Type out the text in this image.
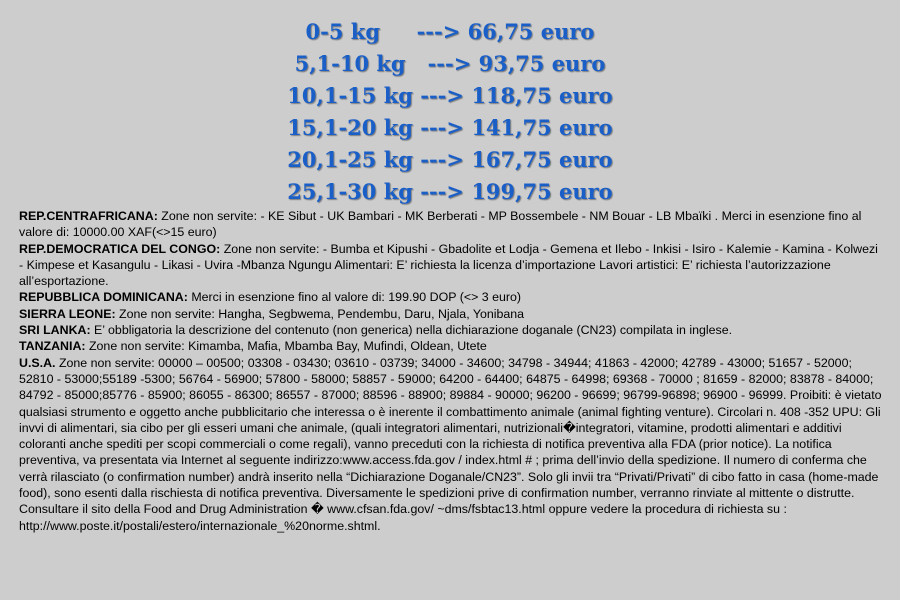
0-5 kg
--->
66,75 euro
5,1-10 kg
--->
93,75 euro
10,1-15 kg
--->
118,75 euro
15,1-20 kg
--->
141,75 euro
20,1-25 kg
--->
167,75 euro
25,1-30 kg
--->
199,75 euro

REP.CENTRAFRICANA: Zone non servite: - KE Sibut - UK Bambari - MK Berberati - MP Bossembele - NM Bouar - LB Mbaïki . Merci in esenzione fino al valore di: 10000.00 XAF(<>15 euro)

REP.DEMOCRATICA DEL CONGO: Zone non servite: - Bumba et Kipushi - Gbadolite et Lodja - Gemena et Ilebo - Inkisi - Isiro - Kalemie - Kamina - Kolwezi - Kimpese et Kasangulu - Likasi - Uvira -Mbanza Ngungu Alimentari: E’ richiesta la licenza d’importazione Lavori artistici: E’ richiesta l’autorizzazione all’esportazione.

REPUBBLICA DOMINICANA: Merci in esenzione fino al valore di: 199.90 DOP (<> 3 euro)

SIERRA LEONE: Zone non servite: Hangha, Segbwema, Pendembu, Daru, Njala, Yonibana

SRI LANKA: E’ obbligatoria la descrizione del contenuto (non generica) nella dichiarazione doganale (CN23) compilata in inglese.

TANZANIA: Zone non servite: Kimamba, Mafia, Mbamba Bay, Mufindi, Oldean, Utete

U.S.A. Zone non servite: 00000 – 00500; 03308 - 03430; 03610 - 03739; 34000 - 34600; 34798 - 34944; 41863 - 42000; 42789 - 43000; 51657 - 52000; 52810 - 53000;55189 -5300; 56764 - 56900; 57800 - 58000; 58857 - 59000; 64200 - 64400; 64875 - 64998; 69368 - 70000 ; 81659 - 82000; 83878 - 84000; 84792 - 85000;85776 - 85900; 86055 - 86300; 86557 - 87000; 88596 - 88900; 89884 - 90000; 96200 - 96699; 96799-96898; 96900 - 96999. Proibiti: è vietato qualsiasi strumento e oggetto anche pubblicitario che interessa o è inerente il combattimento animale (animal fighting venture). Circolari n. 408 -352 UPU: Gli invvi di alimentari, sia cibo per gli esseri umani che animale, (quali integratori alimentari, nutrizionali�integratori, vitamine, prodotti alimentari e additivi coloranti anche spediti per scopi commerciali o come regali), vanno preceduti con la richiesta di notifica preventiva alla FDA (prior notice). La notifica preventiva, va presentata via Internet al seguente indirizzo:www.access.fda.gov / index.html # ; prima dell’invio della spedizione. Il numero di conferma che verrà rilasciato (o confirmation number) andrà inserito nella “Dichiarazione Doganale/CN23”. Solo gli invii tra “Privati/Privati” di cibo fatto in casa (home-made food), sono esenti dalla rischiesta di notifica preventiva. Diversamente le spedizioni prive di confirmation number, verranno rinviate al mittente o distrutte. Consultare il sito della Food and Drug Administration � www.cfsan.fda.gov/ ~dms/fsbtac13.html oppure vedere la procedura di richiesta su : http://www.poste.it/postali/estero/internazionale_%20norme.shtml.
